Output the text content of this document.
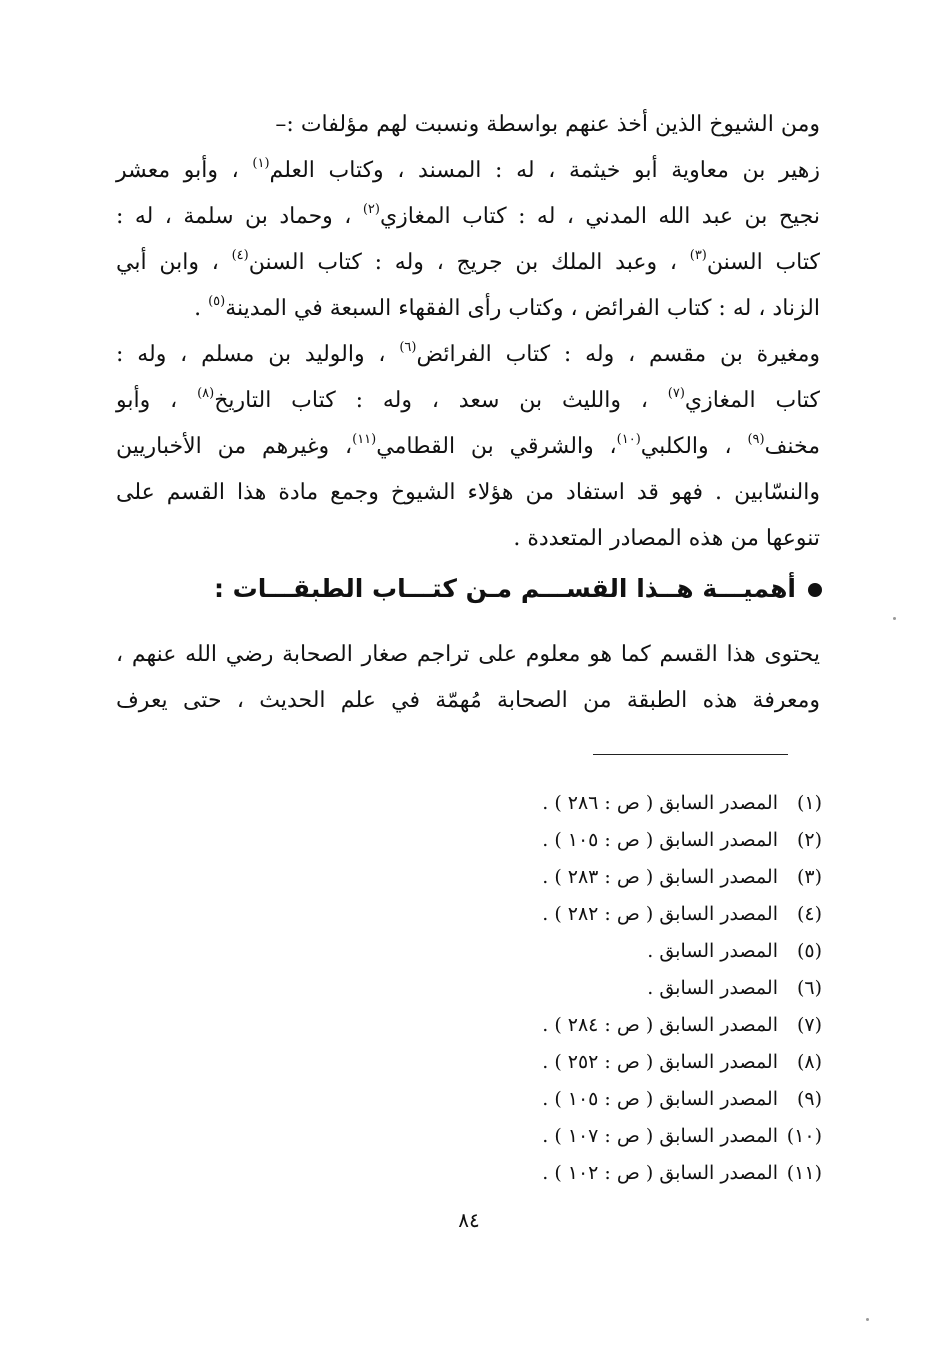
ومن الشيوخ الذين أخذ عنهم بواسطة ونسبت لهم مؤلفات :–
زهير بن معاوية أبو خيثمة ، له : المسند ، وكتاب العلم$^{(١)}$ ، وأبو معشر
نجيح بن عبد الله المدني ، له : كتاب المغازي$^{(٢)}$ ، وحماد بن سلمة ، له :
كتاب السنن$^{(٣)}$ ، وعبد الملك بن جريج ، وله : كتاب السنن$^{(٤)}$ ، وابن أبي
الزناد ، له : كتاب الفرائض ، وكتاب رأى الفقهاء السبعة في المدينة$^{(٥)}$ .
ومغيرة بن مقسم ، وله : كتاب الفرائض$^{(٦)}$ ، والوليد بن مسلم ، وله :
كتاب المغازي$^{(٧)}$ ، والليث بن سعد ، وله : كتاب التاريخ$^{(٨)}$ ، وأبو
مخنف$^{(٩)}$ ، والكلبي$^{(١٠)}$، والشرقي بن القطامي$^{(١١)}$، وغيرهم من الأخباريين
والنسّابين . فهو قد استفاد من هؤلاء الشيوخ وجمع مادة هذا القسم على
تنوعها من هذه المصادر المتعددة .
أهميـــة هــذا القســـم مـن كتـــاب الطبقـــات :
يحتوى هذا القسم كما هو معلوم على تراجم صغار الصحابة رضي الله عنهم ،
ومعرفة هذه الطبقة من الصحابة مُهمّة في علم الحديث ، حتى يعرف
(١)المصدر السابق ( ص : ٢٨٦ ) .
(٢)المصدر السابق ( ص : ١٠٥ ) .
(٣)المصدر السابق ( ص : ٢٨٣ ) .
(٤)المصدر السابق ( ص : ٢٨٢ ) .
(٥)المصدر السابق .
(٦)المصدر السابق .
(٧)المصدر السابق ( ص : ٢٨٤ ) .
(٨)المصدر السابق ( ص : ٢٥٢ ) .
(٩)المصدر السابق ( ص : ١٠٥ ) .
(١٠)المصدر السابق ( ص : ١٠٧ ) .
(١١)المصدر السابق ( ص : ١٠٢ ) .
٨٤
